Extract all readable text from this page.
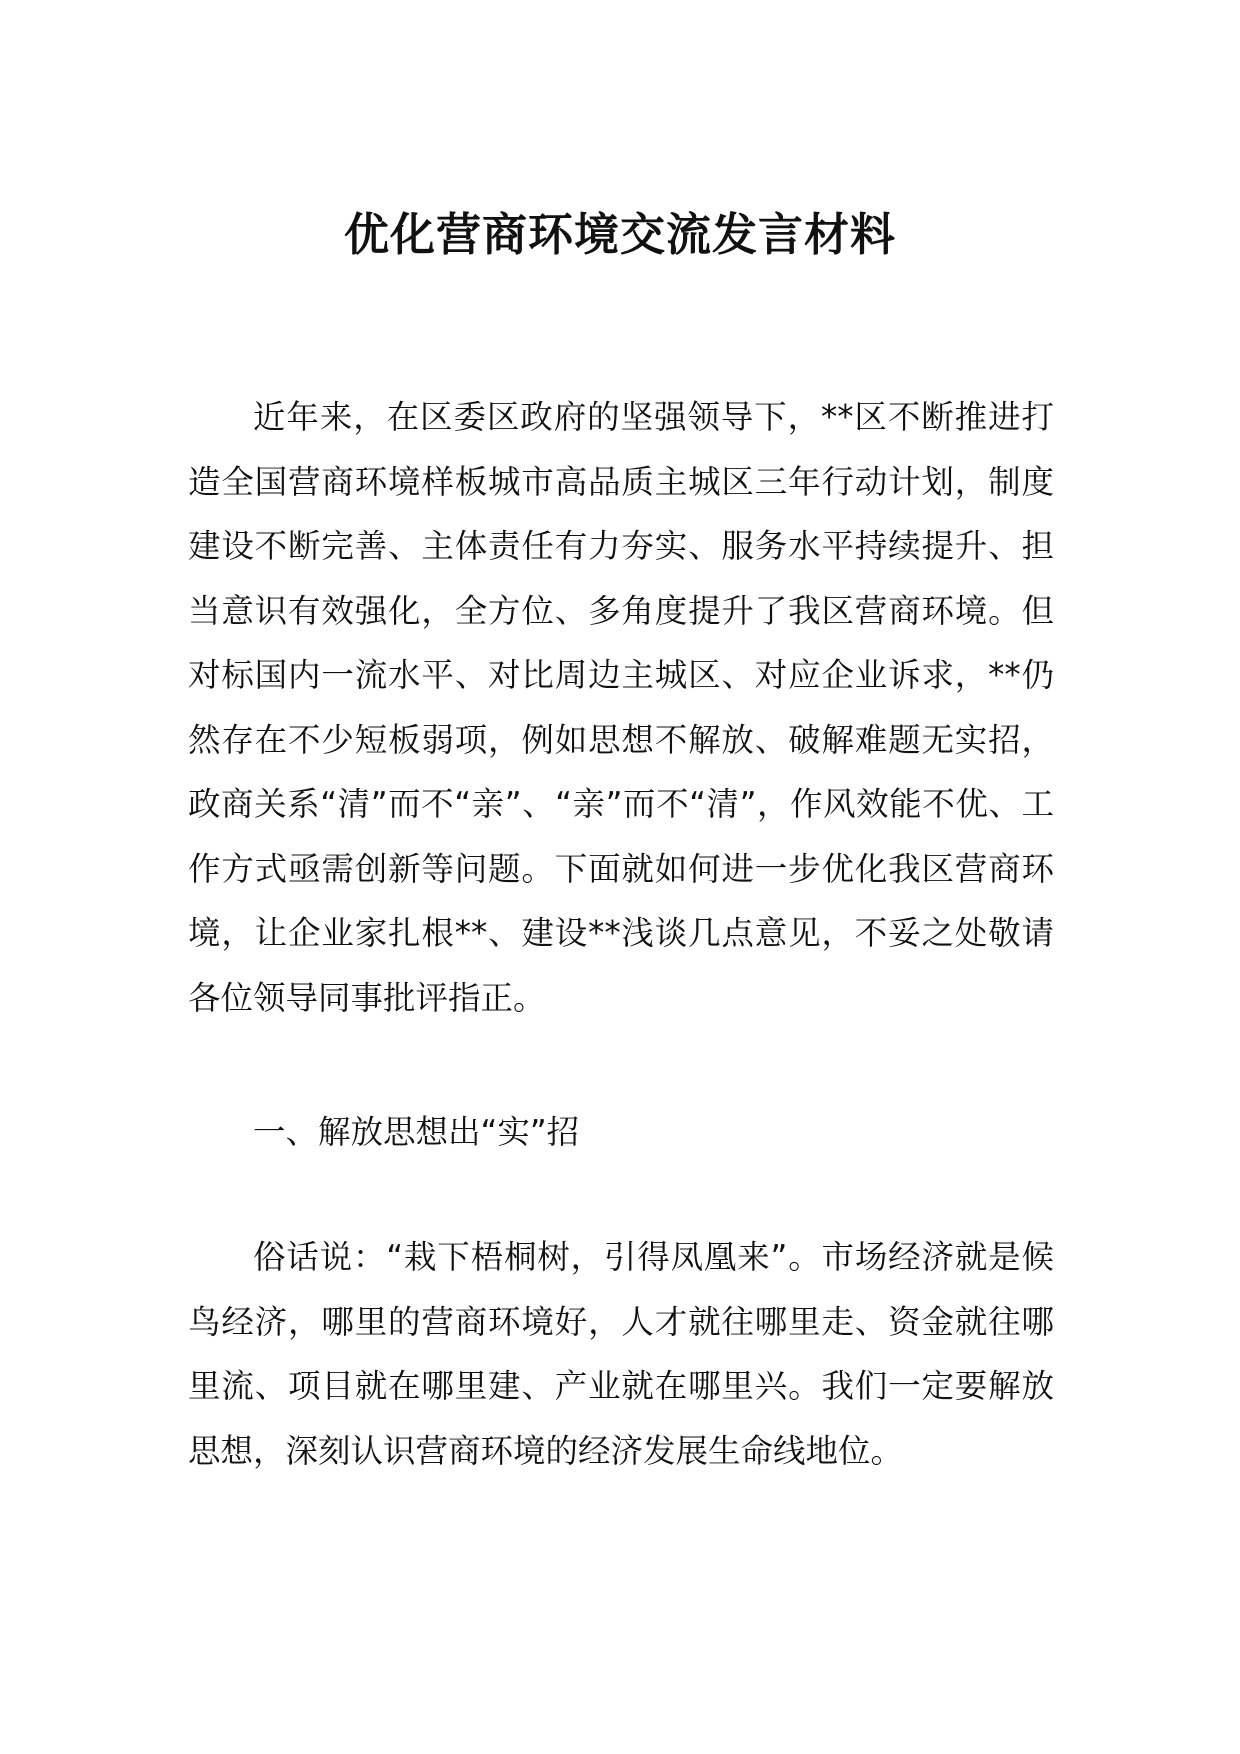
优化营商环境交流发言材料

近年来，在区委区政府的坚强领导下，**区不断推进打造全国营商环境样板城市高品质主城区三年行动计划，制度建设不断完善、主体责任有力夯实、服务水平持续提升、担当意识有效强化，全方位、多角度提升了我区营商环境。但对标国内一流水平、对比周边主城区、对应企业诉求，**仍然存在不少短板弱项，例如思想不解放、破解难题无实招，政商关系“清”而不“亲”、“亲”而不“清”，作风效能不优、工作方式亟需创新等问题。下面就如何进一步优化我区营商环境，让企业家扎根**、建设**浅谈几点意见，不妥之处敬请各位领导同事批评指正。

一、解放思想出“实”招

俗话说：“栽下梧桐树，引得凤凰来”。市场经济就是候鸟经济，哪里的营商环境好，人才就往哪里走、资金就往哪里流、项目就在哪里建、产业就在哪里兴。我们一定要解放思想，深刻认识营商环境的经济发展生命线地位。
